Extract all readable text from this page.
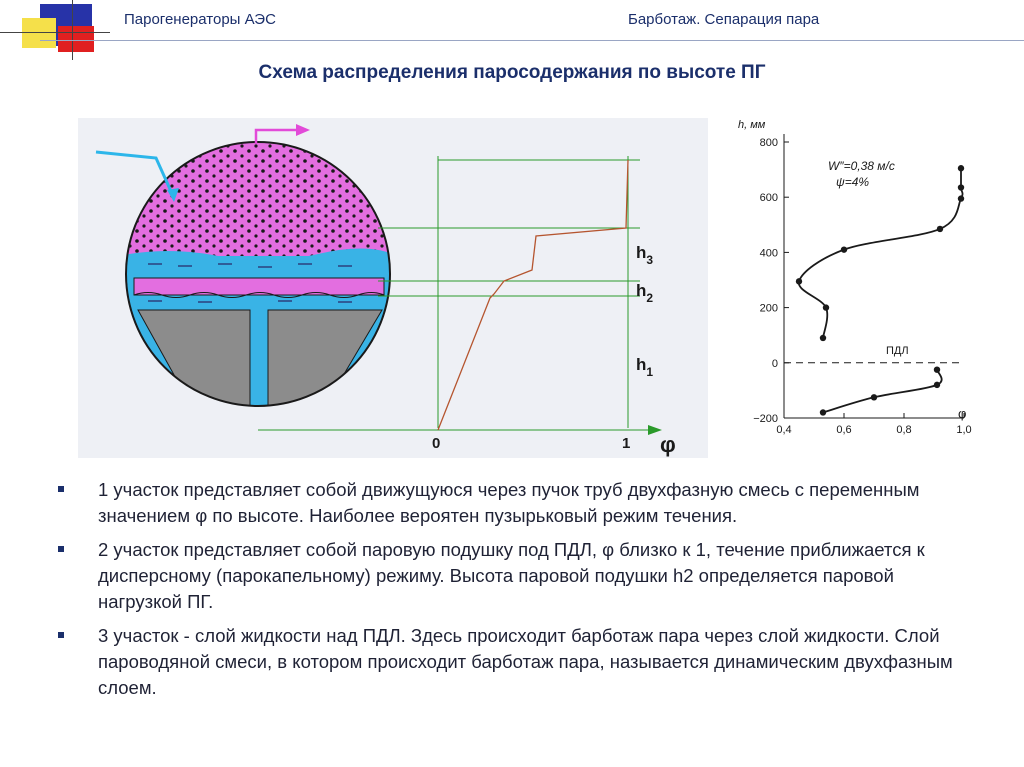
Парогенераторы АЭС	Барботаж. Сепарация пара
Схема распределения паросодержания по высоте ПГ
0	1 φ
$h_3$
$h_2$
$h_1$
h, мм
φ
800
600
400
200
0
−200
0,4	0,6	0,8	1,0
W″=0,38 м/с
ψ=4%
ПДЛ
1 участок представляет собой движущуюся через пучок труб двухфазную смесь с переменным значением φ по высоте. Наиболее вероятен пузырьковый режим течения.
2 участок представляет собой паровую подушку под ПДЛ, φ близко к 1, течение приближается к дисперсному (парокапельному) режиму. Высота паровой подушки h2 определяется паровой нагрузкой ПГ.
3 участок - слой жидкости над ПДЛ. Здесь происходит барботаж пара через слой жидкости. Слой пароводяной смеси, в котором происходит барботаж пара, называется динамическим двухфазным слоем.
